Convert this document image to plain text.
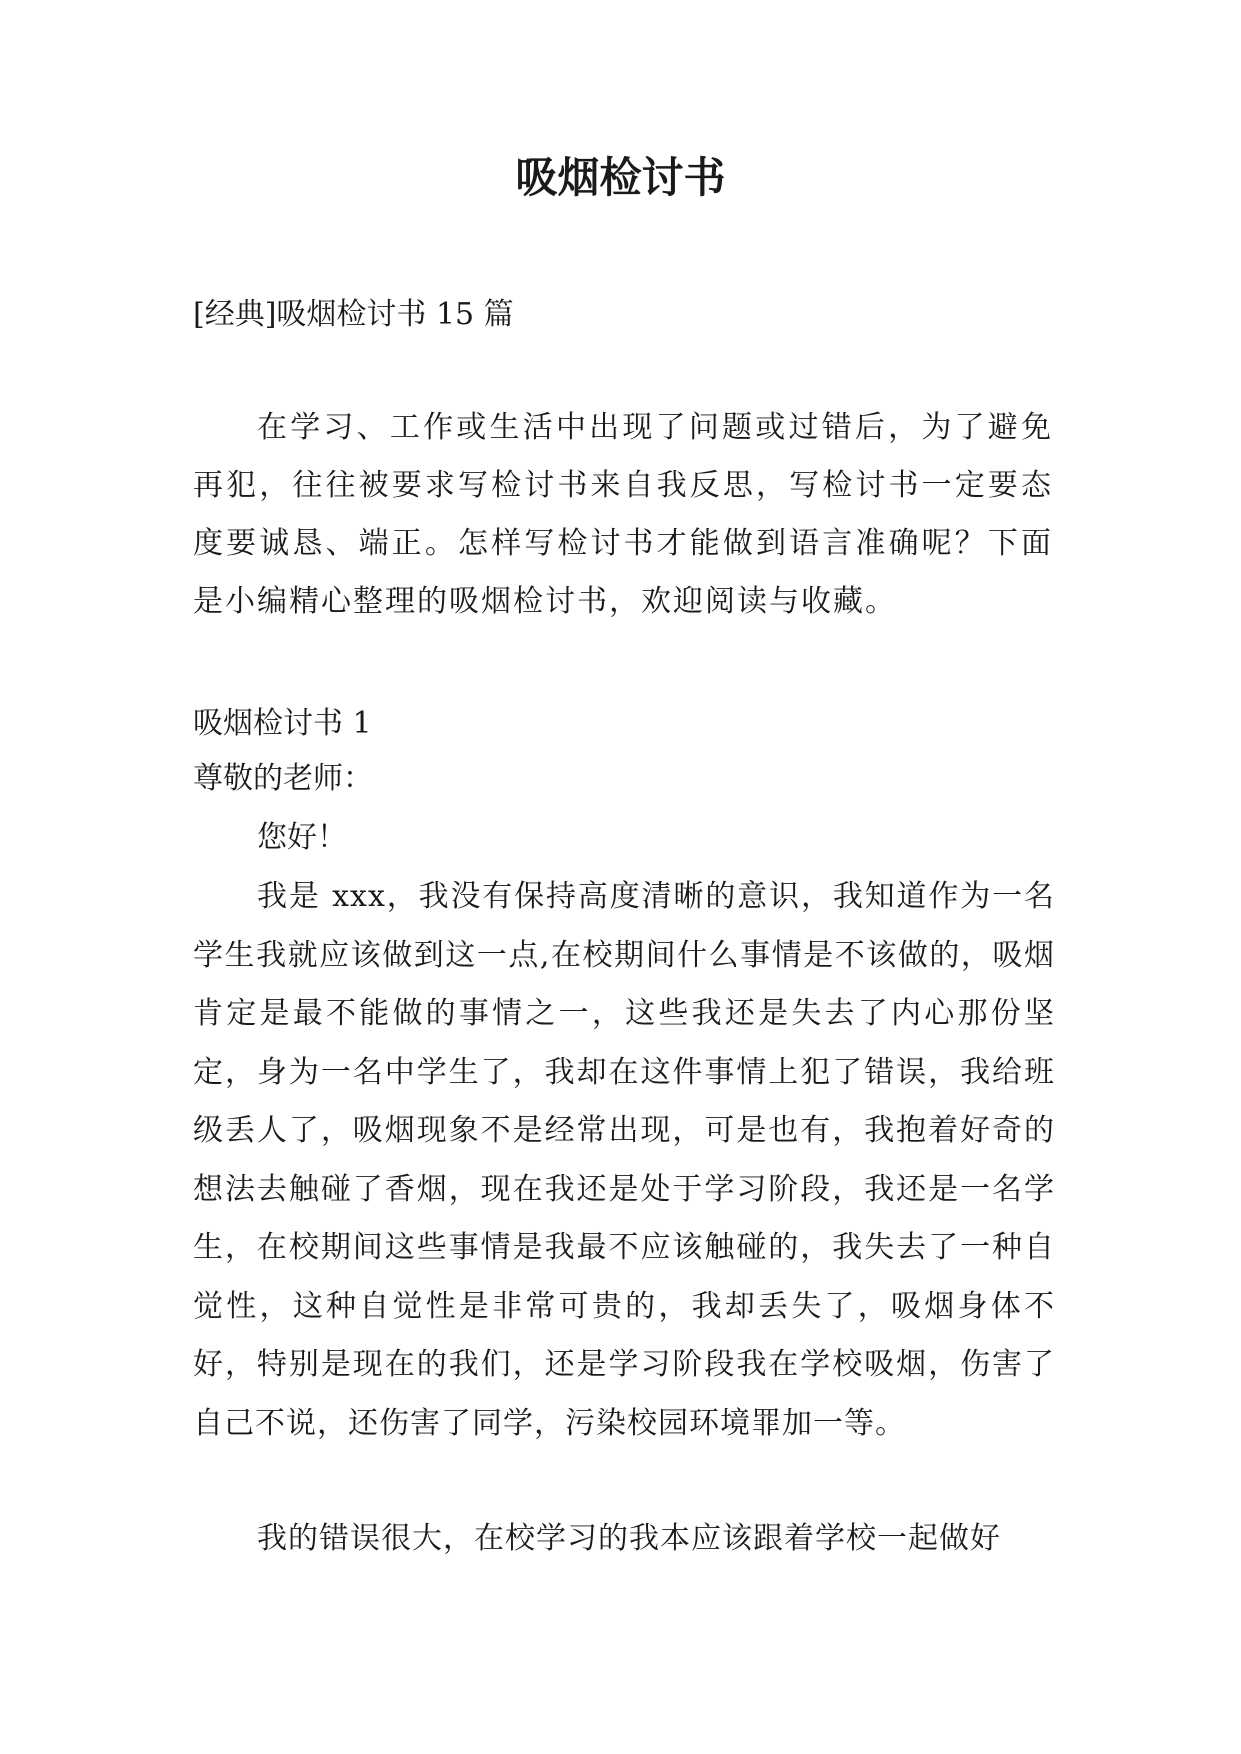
吸烟检讨书

[经典]吸烟检讨书 15 篇

在学习、工作或生活中出现了问题或过错后，为了避免再犯，往往被要求写检讨书来自我反思，写检讨书一定要态度要诚恳、端正。怎样写检讨书才能做到语言准确呢？下面是小编精心整理的吸烟检讨书，欢迎阅读与收藏。

吸烟检讨书 1

尊敬的老师：

您好！

我是 xxx，我没有保持高度清晰的意识，我知道作为一名学生我就应该做到这一点,在校期间什么事情是不该做的，吸烟肯定是最不能做的事情之一，这些我还是失去了内心那份坚定，身为一名中学生了，我却在这件事情上犯了错误，我给班级丢人了，吸烟现象不是经常出现，可是也有，我抱着好奇的想法去触碰了香烟，现在我还是处于学习阶段，我还是一名学生，在校期间这些事情是我最不应该触碰的，我失去了一种自觉性，这种自觉性是非常可贵的，我却丢失了，吸烟身体不好，特别是现在的我们，还是学习阶段我在学校吸烟，伤害了自己不说，还伤害了同学，污染校园环境罪加一等。

我的错误很大，在校学习的我本应该跟着学校一起做好
